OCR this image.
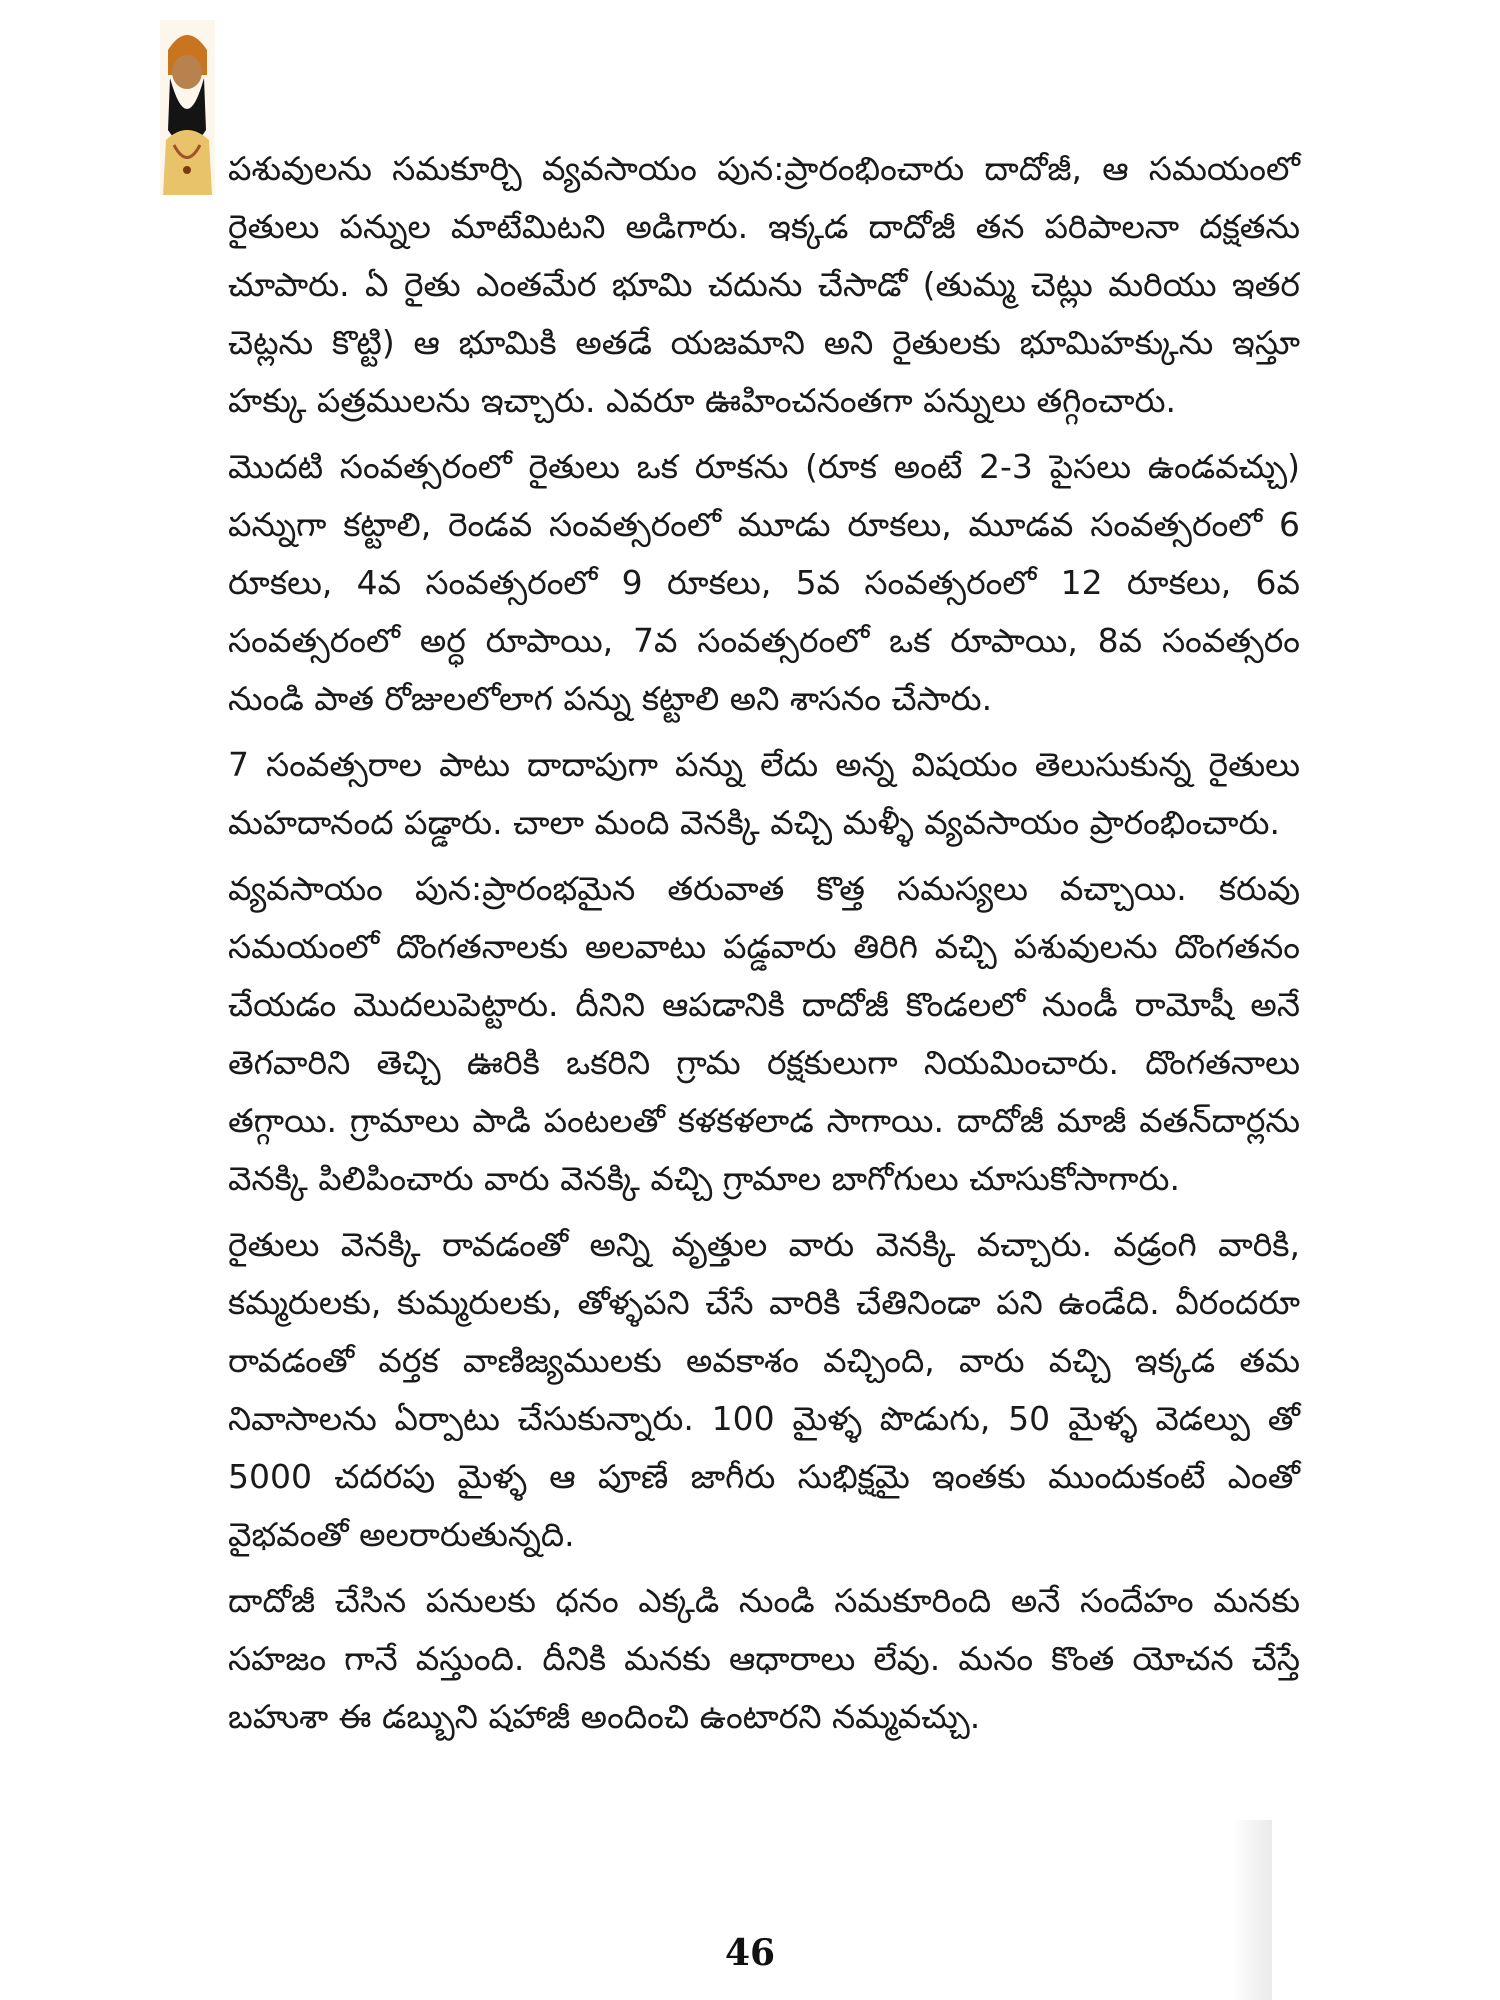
పశువులను సమకూర్చి వ్యవసాయం పున:ప్రారంభించారు దాదోజీ, ఆ సమయంలో రైతులు పన్నుల మాటేమిటని అడిగారు. ఇక్కడ దాదోజీ తన పరిపాలనా దక్షతను చూపారు. ఏ రైతు ఎంతమేర భూమి చదును చేసాడో (తుమ్మ చెట్లు మరియు ఇతర చెట్లను కొట్టి) ఆ భూమికి అతడే యజమాని అని రైతులకు భూమిహక్కును ఇస్తూ హక్కు పత్రములను ఇచ్చారు. ఎవరూ ఊహించనంతగా పన్నులు తగ్గించారు.

మొదటి సంవత్సరంలో రైతులు ఒక రూకను (రూక అంటే 2-3 పైసలు ఉండవచ్చు) పన్నుగా కట్టాలి, రెండవ సంవత్సరంలో మూడు రూకలు, మూడవ సంవత్సరంలో 6 రూకలు, 4వ సంవత్సరంలో 9 రూకలు, 5వ సంవత్సరంలో 12 రూకలు, 6వ సంవత్సరంలో అర్ధ రూపాయి, 7వ సంవత్సరంలో ఒక రూపాయి, 8వ సంవత్సరం నుండి పాత రోజులలోలాగ పన్ను కట్టాలి అని శాసనం చేసారు.

7 సంవత్సరాల పాటు దాదాపుగా పన్ను లేదు అన్న విషయం తెలుసుకున్న రైతులు మహదానంద పడ్డారు. చాలా మంది వెనక్కి వచ్చి మళ్ళీ వ్యవసాయం ప్రారంభించారు.

వ్యవసాయం పున:ప్రారంభమైన తరువాత కొత్త సమస్యలు వచ్చాయి. కరువు సమయంలో దొంగతనాలకు అలవాటు పడ్డవారు తిరిగి వచ్చి పశువులను దొంగతనం చేయడం మొదలుపెట్టారు. దీనిని ఆపడానికి దాదోజీ కొండలలో నుండీ రామోషీ అనే తెగవారిని తెచ్చి ఊరికి ఒకరిని గ్రామ రక్షకులుగా నియమించారు. దొంగతనాలు తగ్గాయి. గ్రామాలు పాడి పంటలతో కళకళలాడ సాగాయి. దాదోజీ మాజీ వతన్‌దార్లను వెనక్కి పిలిపించారు వారు వెనక్కి వచ్చి గ్రామాల బాగోగులు చూసుకోసాగారు.

రైతులు వెనక్కి రావడంతో అన్ని వృత్తుల వారు వెనక్కి వచ్చారు. వడ్రంగి వారికి, కమ్మరులకు, కుమ్మరులకు, తోళ్ళపని చేసే వారికి చేతినిండా పని ఉండేది. వీరందరూ రావడంతో వర్తక వాణిజ్యములకు అవకాశం వచ్చింది, వారు వచ్చి ఇక్కడ తమ నివాసాలను ఏర్పాటు చేసుకున్నారు. 100 మైళ్ళ పొడుగు, 50 మైళ్ళ వెడల్పు తో 5000 చదరపు మైళ్ళ ఆ పూణే జాగీరు సుభిక్షమై ఇంతకు ముందుకంటే ఎంతో వైభవంతో అలరారుతున్నది.

దాదోజీ చేసిన పనులకు ధనం ఎక్కడి నుండి సమకూరింది అనే సందేహం మనకు సహజం గానే వస్తుంది. దీనికి మనకు ఆధారాలు లేవు. మనం కొంత యోచన చేస్తే బహుశా ఈ డబ్బుని షహాజీ అందించి ఉంటారని నమ్మవచ్చు.

46
